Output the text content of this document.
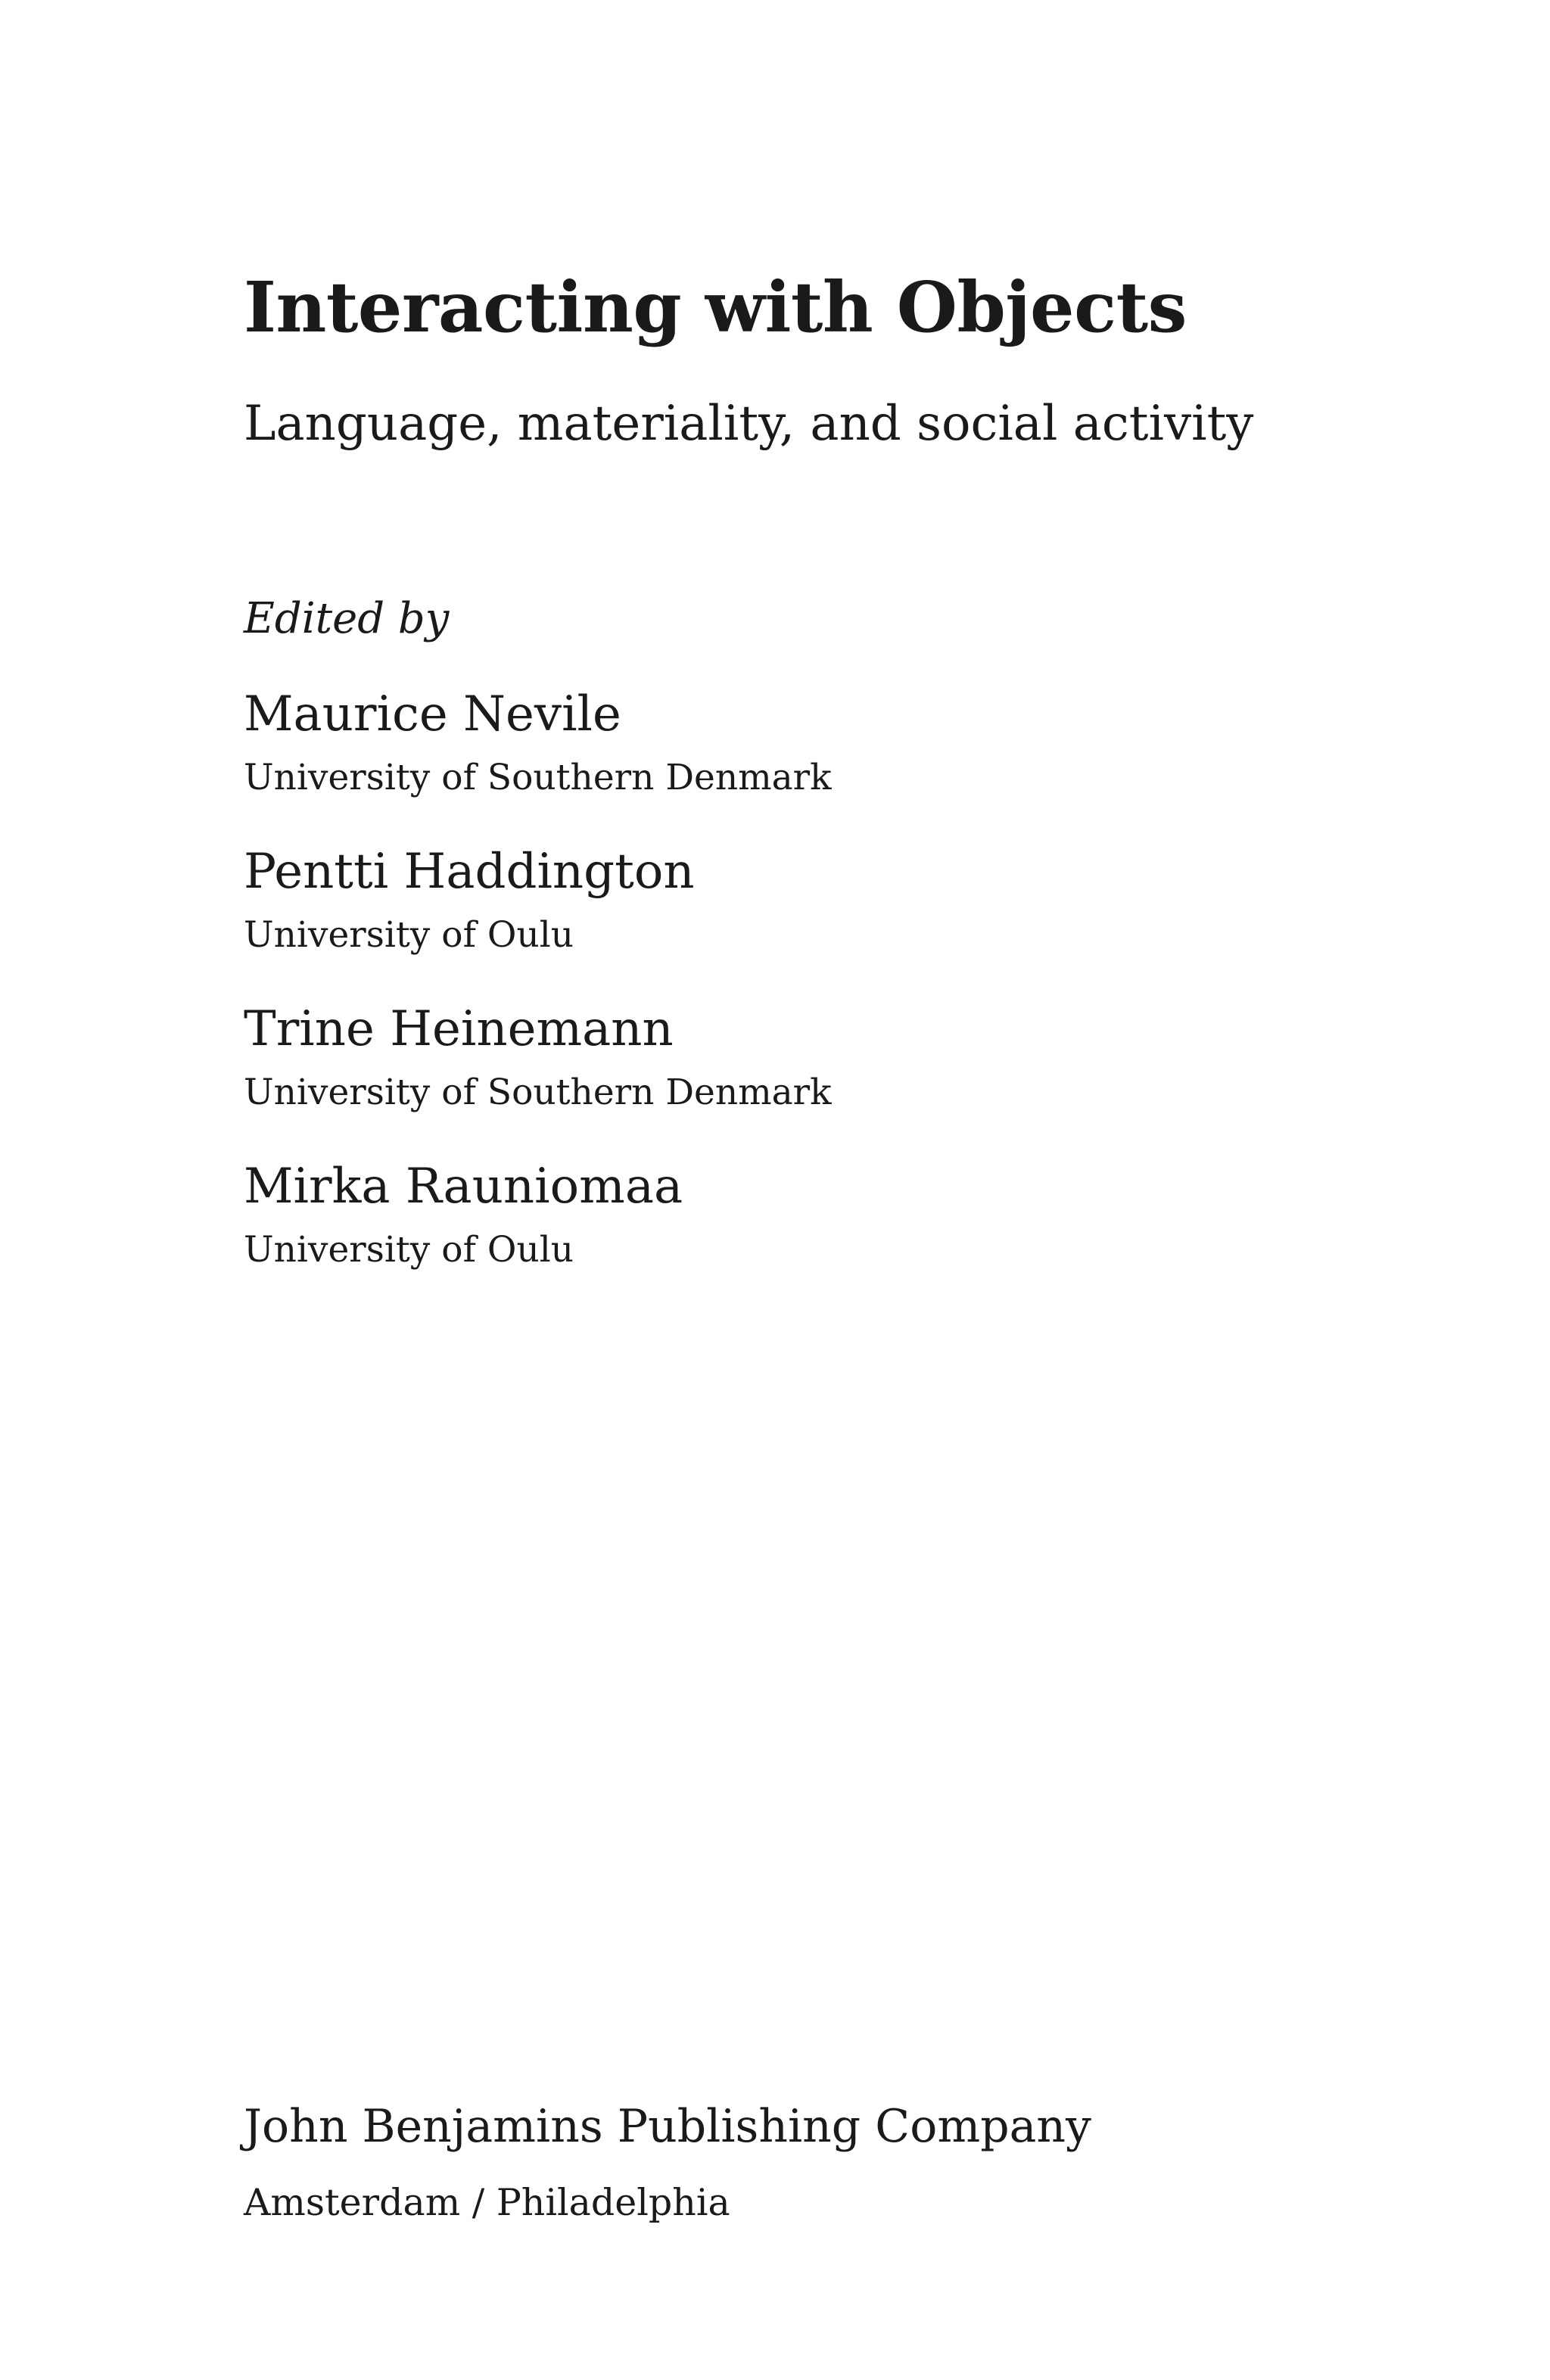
Interacting with Objects
Language, materiality, and social activity

Edited by

Maurice Nevile
University of Southern Denmark
Pentti Haddington
University of Oulu
Trine Heinemann
University of Southern Denmark
Mirka Rauniomaa
University of Oulu

John Benjamins Publishing Company

Amsterdam / Philadelphia
